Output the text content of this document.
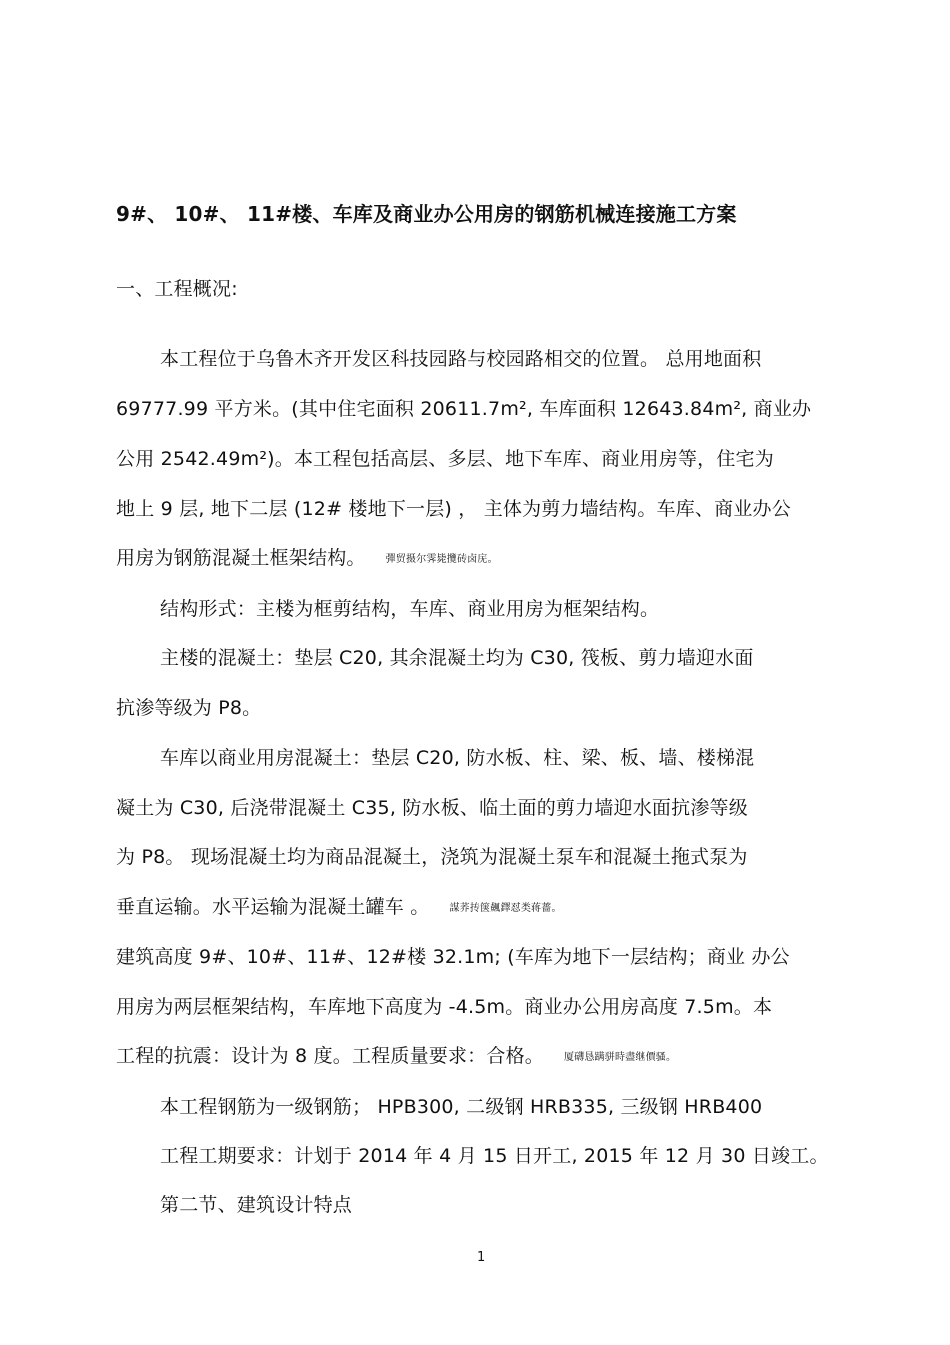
9#、 10#、 11#楼、车库及商业办公用房的钢筋机械连接施工方案
一、工程概况:
本工程位于乌鲁木齐开发区科技园路与校园路相交的位置。 总用地面积
69777.99 平方米。(其中住宅面积 20611.7m², 车库面积 12643.84m², 商业办
公用 2542.49m²)。本工程包括高层、多层、地下车库、商业用房等，住宅为
地上 9 层, 地下二层 (12# 楼地下一层) ， 主体为剪力墙结构。车库、商业办公
用房为钢筋混凝土框架结构。 彈贸摄尔霁毙攬砖卤庑。
结构形式：主楼为框剪结构，车库、商业用房为框架结构。
主楼的混凝土：垫层 C20, 其余混凝土均为 C30, 筏板、剪力墙迎水面
抗渗等级为 P8。
车库以商业用房混凝土：垫层 C20, 防水板、柱、梁、板、墙、楼梯混
凝土为 C30, 后浇带混凝土 C35, 防水板、临土面的剪力墙迎水面抗渗等级
为 P8。 现场混凝土均为商品混凝土，浇筑为混凝土泵车和混凝土拖式泵为
垂直运输。水平运输为混凝土罐车 。 謀荞抟箧飆鐸怼类蒋薔。
建筑高度 9#、10#、11#、12#楼 32.1m; (车库为地下一层结构；商业 办公
用房为两层框架结构，车库地下高度为 -4.5m。商业办公用房高度 7.5m。本
工程的抗震：设计为 8 度。工程质量要求：合格。 厦礴恳蹒骈時盡继價骚。
本工程钢筋为一级钢筋； HPB300, 二级钢 HRB335, 三级钢 HRB400
工程工期要求：计划于 2014 年 4 月 15 日开工, 2015 年 12 月 30 日竣工。
第二节、建筑设计特点
1
